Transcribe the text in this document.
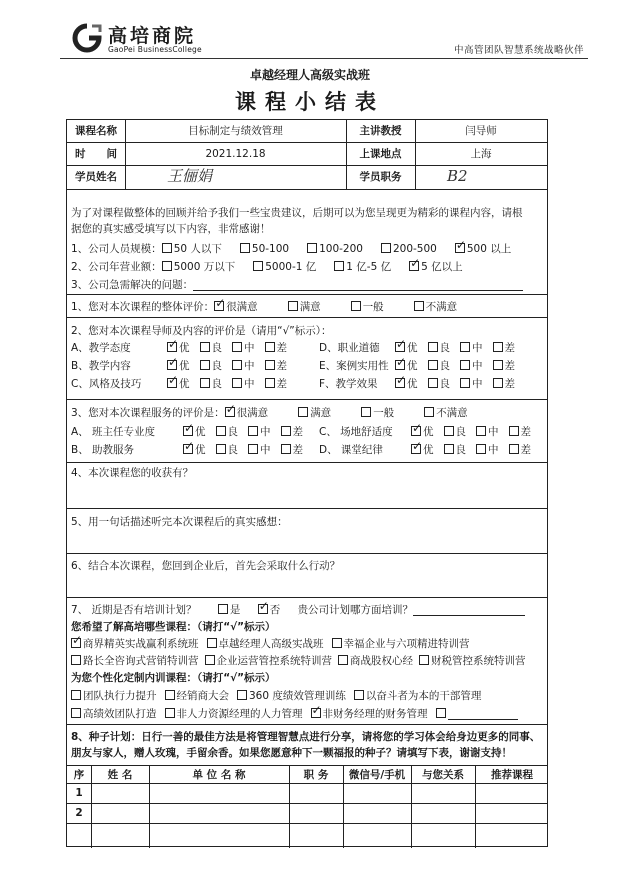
高培商院
GaoPei BusinessCollege	中高管团队智慧系统战略伙伴
卓越经理人高级实战班
课程小结表
课程名称	目标制定与绩效管理	主讲教授	闫导师
时　　间	2021.12.18	上课地点	上海
学员姓名	王俪娟	学员职务	B2
为了对课程做整体的回顾并给予我们一些宝贵建议，后期可以为您呈现更为精彩的课程内容，请根
据您的真实感受填写以下内容，非常感谢！
1、公司人员规模： 50 人以下	50-100	100-200	200-500 ✓	500 以上
2、公司年营业额： 5000 万以下	5000-1 亿	1 亿-5 亿 ✓	5 亿以上
3、公司急需解决的问题：
1、您对本次课程的整体评价： ✓ 很满意	满意	一般	不满意
2、您对本次课程导师及内容的评价是（请用“√”标示）：
A、教学态度 ✓	优 良 中 差	D、职业道德 ✓	优 良 中 差
B、教学内容 ✓	优 良 中 差	E、案例实用性 ✓ 优 良 中 差
C、风格及技巧 ✓	优 良 中 差	F、教学效果 ✓	优 良 中 差
3、您对本次课程服务的评价是： ✓ 很满意	满意	一般	不满意
A、 班主任专业度 ✓	优 良 中 差	C、 场地舒适度 ✓	优 良 中 差
B、 助教服务 ✓	优 良 中 差	D、 课堂纪律 ✓	优 良 中 差
4、本次课程您的收获有？
5、用一句话描述听完本次课程后的真实感想：
6、结合本次课程，您回到企业后，首先会采取什么行动？
7、 近期是否有培训计划？	是 ✓	否 贵公司计划哪方面培训？
您希望了解高培哪些课程：（请打“√”标示）
✓商界精英实战赢利系统班 卓越经理人高级实战班 幸福企业与六项精进特训营
路长全咨询式营销特训营 企业运营管控系统特训营 商战股权心经 财税管控系统特训营
为您个性化定制内训课程：（请打“√”标示）
团队执行力提升 经销商大会 360 度绩效管理训练 以奋斗者为本的干部管理
高绩效团队打造 非人力资源经理的人力管理 ✓ 非财务经理的财务管理
8、种子计划：日行一善的最佳方法是将管理智慧点进行分享，请将您的学习体会给身边更多的同事、
朋友与家人，赠人玫瑰，手留余香。如果您愿意种下一颗福报的种子？请填写下表，谢谢支持！
序	姓 名	单 位 名 称	职 务	微信号/手机	与您关系	推荐课程
1
2
